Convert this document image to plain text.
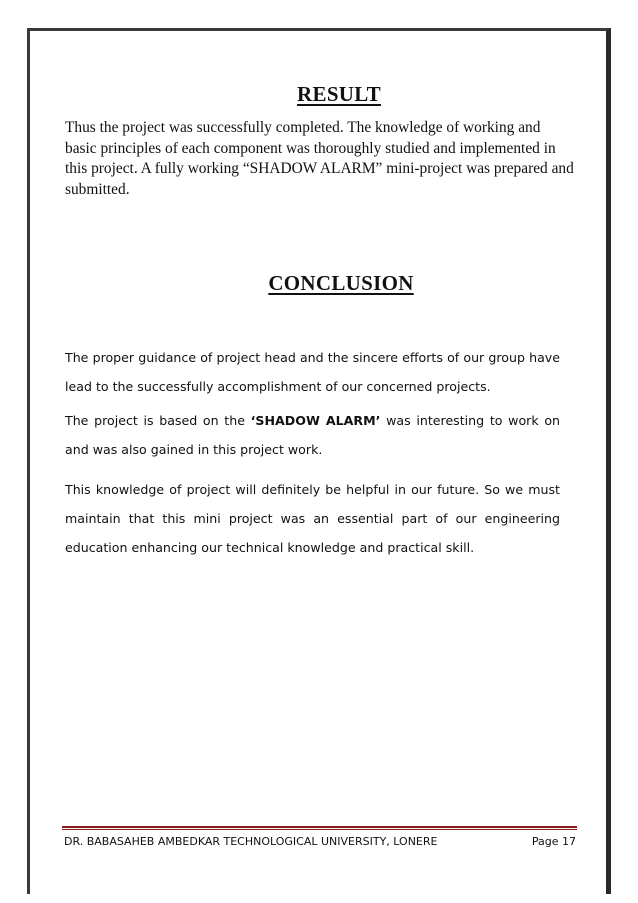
RESULT

Thus the project was successfully completed. The knowledge of working and basic principles of each component was thoroughly studied and implemented in this project. A fully working “SHADOW ALARM” mini-project was prepared and submitted.

CONCLUSION

The proper guidance of project head and the sincere efforts of our group have lead to the successfully accomplishment of our concerned projects.

The project is based on the ‘SHADOW ALARM’ was interesting to work on and was also gained in this project work.

This knowledge of project will definitely be helpful in our future. So we must maintain that this mini project was an essential part of our engineering education enhancing our technical knowledge and practical skill.

DR. BABASAHEB AMBEDKAR TECHNOLOGICAL UNIVERSITY, LONERE	Page 17
